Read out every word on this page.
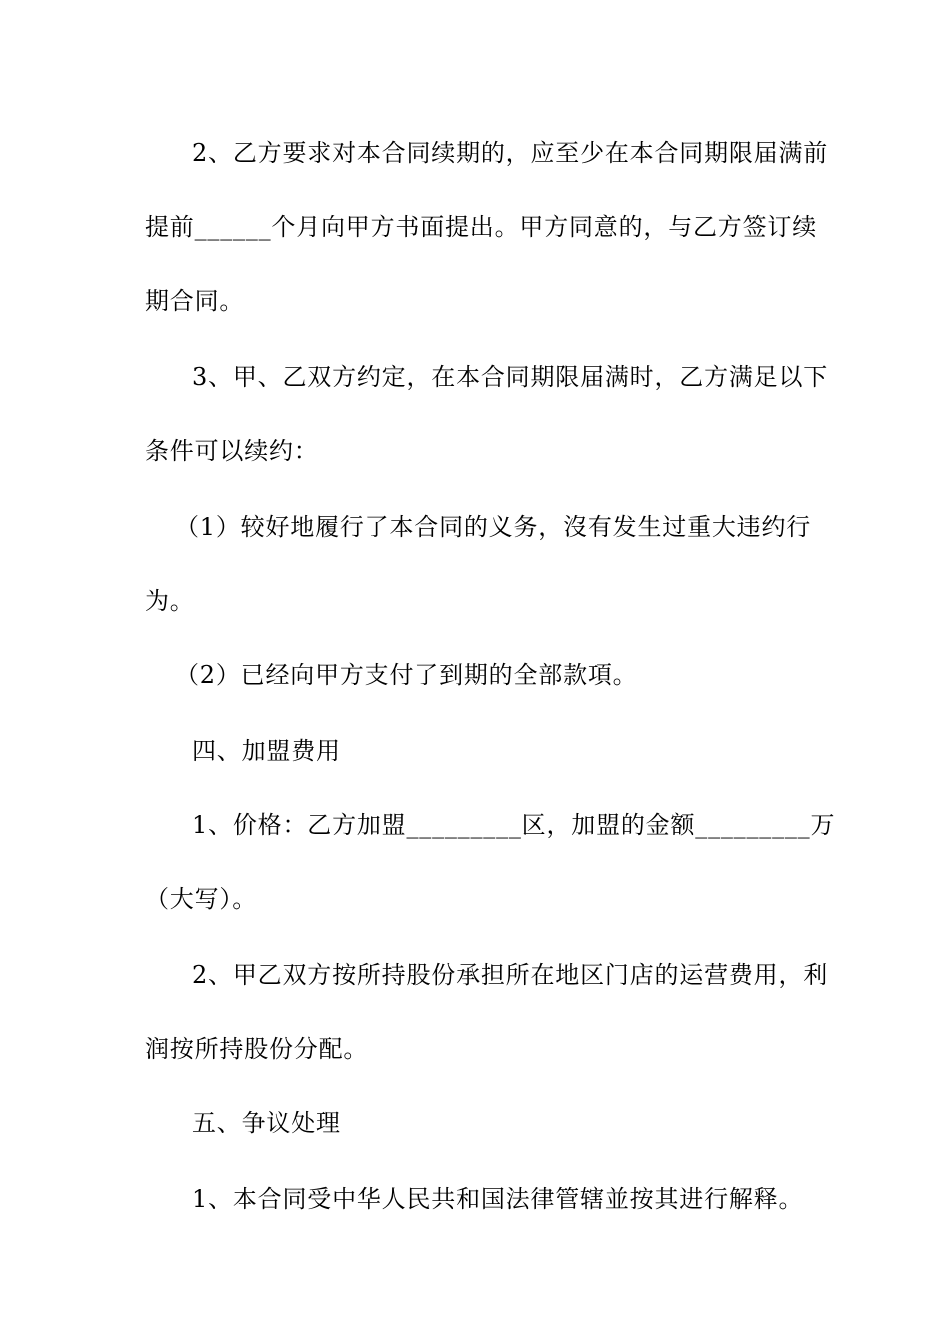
2、乙方要求对本合同续期的，应至少在本合同期限届满前
提前______个月向甲方书面提出。甲方同意的，与乙方签订续
期合同。
3、甲、乙双方约定，在本合同期限届满时，乙方满足以下
条件可以续约：
（1）较好地履行了本合同的义务，沒有发生过重大违约行
为。
（2）已经向甲方支付了到期的全部款項。
四、加盟费用
1、价格：乙方加盟_________区，加盟的金额_________万
（大写）。
2、甲乙双方按所持股份承担所在地区门店的运营费用，利
润按所持股份分配。
五、争议处理
1、本合同受中华人民共和国法律管辖並按其进行解释。
